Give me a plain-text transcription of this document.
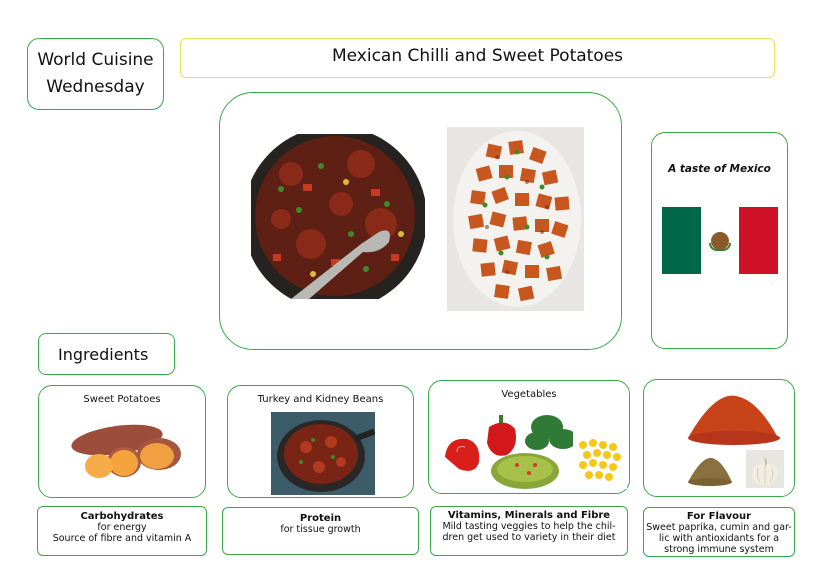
World Cuisine
Wednesday
Mexican Chilli and Sweet Potatoes
A taste of Mexico
Ingredients
Sweet Potatoes
Carbohydrates
for energy
Source of fibre and vitamin A
Turkey and Kidney Beans
Protein
for tissue growth
Vegetables
Vitamins, Minerals and Fibre
Mild tasting veggies to help the chil-
dren get used to variety in their diet
For Flavour
Sweet paprika, cumin and gar-
lic with antioxidants for a
strong immune system
